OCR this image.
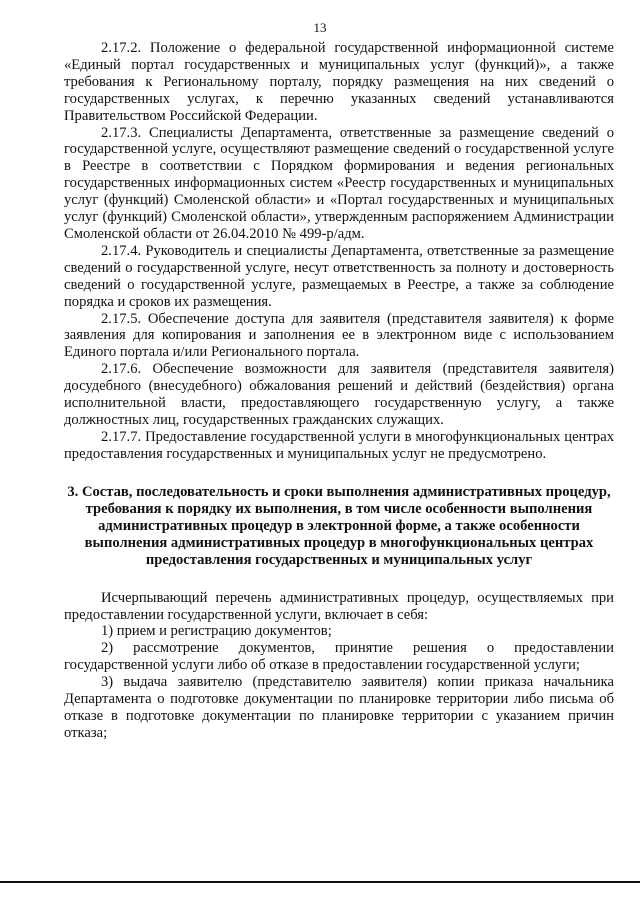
13

2.17.2. Положение о федеральной государственной информационной системе «Единый портал государственных и муниципальных услуг (функций)», а также требования к Региональному порталу, порядку размещения на них сведений о государственных услугах, к перечню указанных сведений устанавливаются Правительством Российской Федерации.

2.17.3. Специалисты Департамента, ответственные за размещение сведений о государственной услуге, осуществляют размещение сведений о государственной услуге в Реестре в соответствии с Порядком формирования и ведения региональных государственных информационных систем «Реестр государственных и муниципальных услуг (функций) Смоленской области» и «Портал государственных и муниципальных услуг (функций) Смоленской области», утвержденным распоряжением Администрации Смоленской области от 26.04.2010 № 499-р/адм.

2.17.4. Руководитель и специалисты Департамента, ответственные за размещение сведений о государственной услуге, несут ответственность за полноту и достоверность сведений о государственной услуге, размещаемых в Реестре, а также за соблюдение порядка и сроков их размещения.

2.17.5. Обеспечение доступа для заявителя (представителя заявителя) к форме заявления для копирования и заполнения ее в электронном виде с использованием Единого портала и/или Регионального портала.

2.17.6. Обеспечение возможности для заявителя (представителя заявителя) досудебного (внесудебного) обжалования решений и действий (бездействия) органа исполнительной власти, предоставляющего государственную услугу, а также должностных лиц, государственных гражданских служащих.

2.17.7. Предоставление государственной услуги в многофункциональных центрах предоставления государственных и муниципальных услуг не предусмотрено.

3. Состав, последовательность и сроки выполнения административных процедур, требования к порядку их выполнения, в том числе особенности выполнения административных процедур в электронной форме, а также особенности выполнения административных процедур в многофункциональных центрах предоставления государственных и муниципальных услуг

Исчерпывающий перечень административных процедур, осуществляемых при предоставлении государственной услуги, включает в себя:

1) прием и регистрацию документов;

2) рассмотрение документов, принятие решения о предоставлении государственной услуги либо об отказе в предоставлении государственной услуги;

3) выдача заявителю (представителю заявителя) копии приказа начальника Департамента о подготовке документации по планировке территории либо письма об отказе в подготовке документации по планировке территории с указанием причин отказа;
